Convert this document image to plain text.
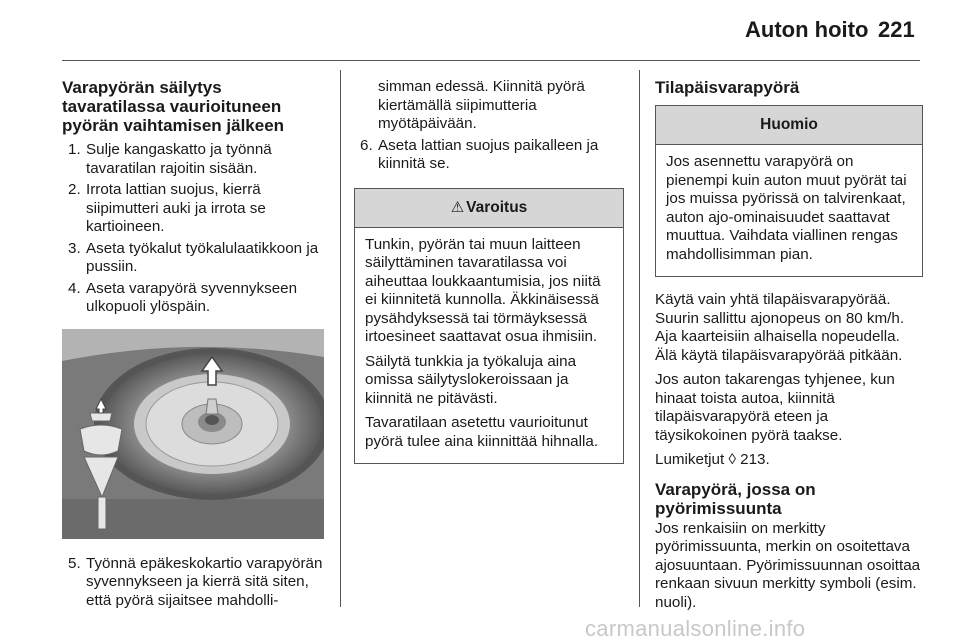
Auton hoito 221
Varapyörän säilytys tavaratilassa vaurioituneen pyörän vaihtamisen jälkeen
1. Sulje kangaskatto ja työnnä tavaratilan rajoitin sisään.
2. Irrota lattian suojus, kierrä siipimutteri auki ja irrota se kartioineen.
3. Aseta työkalut työkalulaatikkoon ja pussiin.
4. Aseta varapyörä syvennykseen ulkopuoli ylöspäin.
5. Työnnä epäkeskokartio varapyörän syvennykseen ja kierrä sitä siten, että pyörä sijaitsee mahdolli-
simman edessä. Kiinnitä pyörä kiertämällä siipimutteria myötäpäivään.
6. Aseta lattian suojus paikalleen ja kiinnitä se.
⚠ Varoitus

Tunkin, pyörän tai muun laitteen säilyttäminen tavaratilassa voi aiheuttaa loukkaantumisia, jos niitä ei kiinnitetä kunnolla. Äkkinäisessä pysähdyksessä tai törmäyksessä irtoesineet saattavat osua ihmisiin.

Säilytä tunkkia ja työkaluja aina omissa säilytyslokeroissaan ja kiinnitä ne pitävästi.

Tavaratilaan asetettu vaurioitunut pyörä tulee aina kiinnittää hihnalla.

Tilapäisvarapyörä
Huomio

Jos asennettu varapyörä on pienempi kuin auton muut pyörät tai jos muissa pyörissä on talvirenkaat, auton ajo-ominaisuudet saattavat muuttua. Vaihdata viallinen rengas mahdollisimman pian.

Käytä vain yhtä tilapäisvarapyörää. Suurin sallittu ajonopeus on 80 km/h. Aja kaarteisiin alhaisella nopeudella. Älä käytä tilapäisvarapyörää pitkään.

Jos auton takarengas tyhjenee, kun hinaat toista autoa, kiinnitä tilapäisvarapyörä eteen ja täysikokoinen pyörä taakse.

Lumiketjut ◊ 213.

Varapyörä, jossa on pyörimissuunta

Jos renkaisiin on merkitty pyörimissuunta, merkin on osoitettava ajosuuntaan. Pyörimissuunnan osoittaa renkaan sivuun merkitty symboli (esim. nuoli).

carmanualsonline.info
